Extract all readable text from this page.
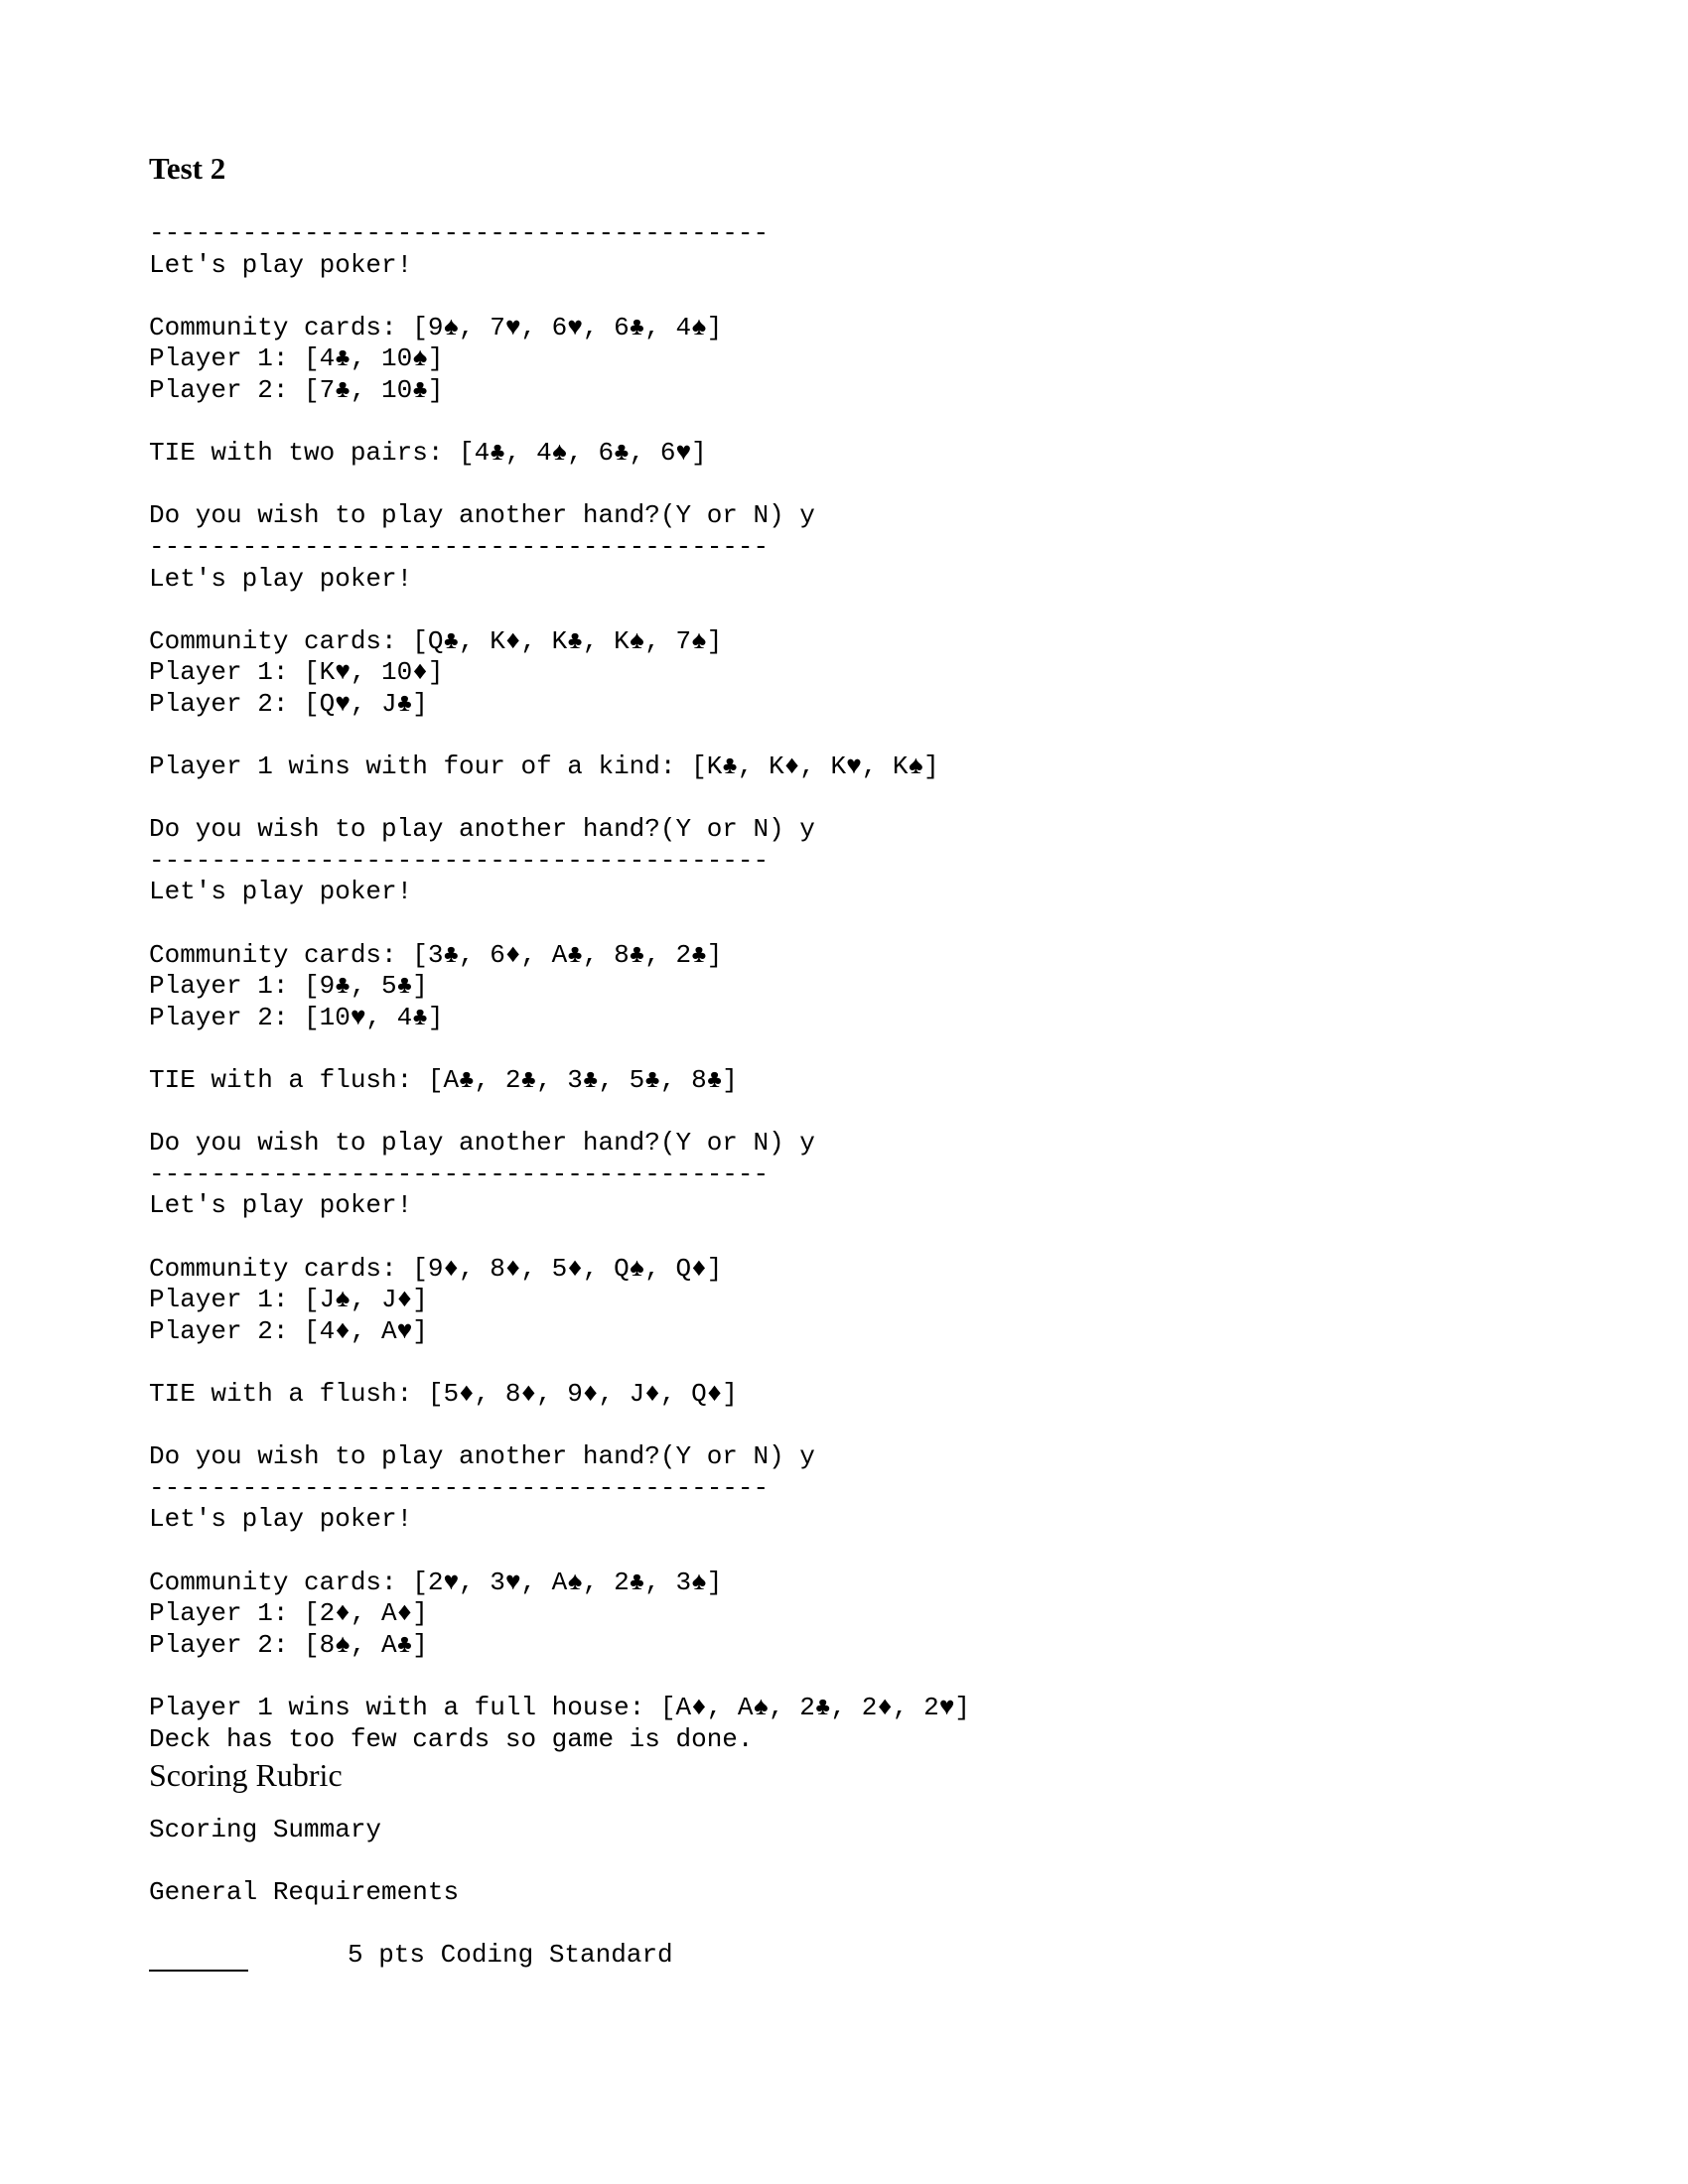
Test 2
----------------------------------------
Let's play poker!

Community cards: [9♠, 7♥, 6♥, 6♣, 4♠]
Player 1: [4♣, 10♠]
Player 2: [7♣, 10♣]

TIE with two pairs: [4♣, 4♠, 6♣, 6♥]

Do you wish to play another hand?(Y or N) y
----------------------------------------
Let's play poker!

Community cards: [Q♣, K♦, K♣, K♠, 7♠]
Player 1: [K♥, 10♦]
Player 2: [Q♥, J♣]

Player 1 wins with four of a kind: [K♣, K♦, K♥, K♠]

Do you wish to play another hand?(Y or N) y
----------------------------------------
Let's play poker!

Community cards: [3♣, 6♦, A♣, 8♣, 2♣]
Player 1: [9♣, 5♣]
Player 2: [10♥, 4♣]

TIE with a flush: [A♣, 2♣, 3♣, 5♣, 8♣]

Do you wish to play another hand?(Y or N) y
----------------------------------------
Let's play poker!

Community cards: [9♦, 8♦, 5♦, Q♠, Q♦]
Player 1: [J♠, J♦]
Player 2: [4♦, A♥]

TIE with a flush: [5♦, 8♦, 9♦, J♦, Q♦]

Do you wish to play another hand?(Y or N) y
----------------------------------------
Let's play poker!

Community cards: [2♥, 3♥, A♠, 2♣, 3♠]
Player 1: [2♦, A♦]
Player 2: [8♠, A♣]

Player 1 wins with a full house: [A♦, A♠, 2♣, 2♦, 2♥]
Deck has too few cards so game is done.
Scoring Rubric
Scoring Summary
General Requirements
5 pts Coding Standard
